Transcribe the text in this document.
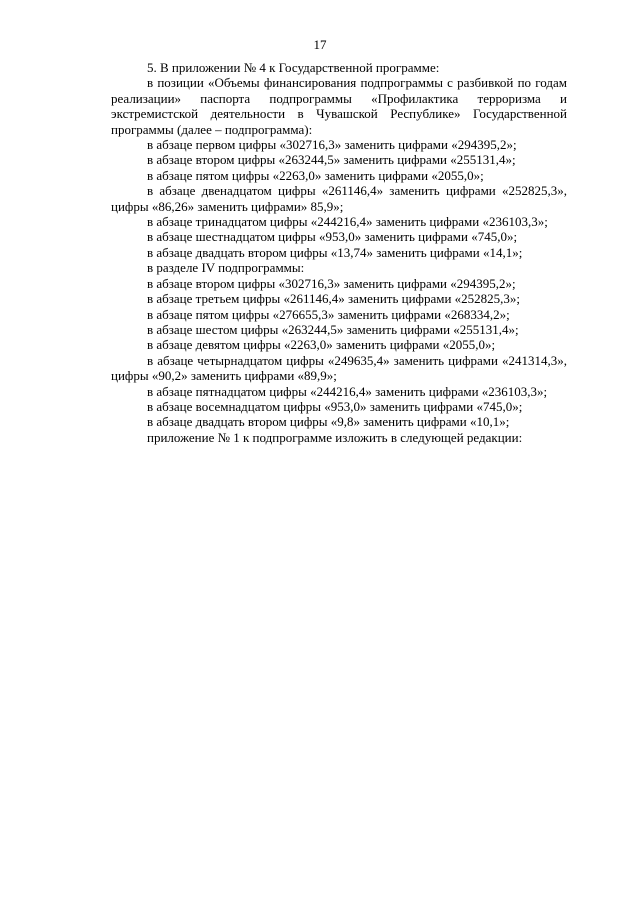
17

5. В приложении № 4 к Государственной программе:

в позиции «Объемы финансирования подпрограммы с разбивкой по годам реализации» паспорта подпрограммы «Профилактика терроризма и экстремистской деятельности в Чувашской Республике» Государственной программы (далее – подпрограмма):

в абзаце первом цифры «302716,3» заменить цифрами «294395,2»;

в абзаце втором цифры «263244,5» заменить цифрами «255131,4»;

в абзаце пятом цифры «2263,0» заменить цифрами «2055,0»;

в абзаце двенадцатом цифры «261146,4» заменить цифрами «252825,3», цифры «86,26» заменить цифрами» 85,9»;

в абзаце тринадцатом цифры «244216,4» заменить цифрами «236103,3»;

в абзаце шестнадцатом цифры «953,0» заменить цифрами «745,0»;

в абзаце двадцать втором цифры «13,74» заменить цифрами «14,1»;

в разделе IV подпрограммы:

в абзаце втором цифры «302716,3» заменить цифрами «294395,2»;

в абзаце третьем цифры «261146,4» заменить цифрами «252825,3»;

в абзаце пятом цифры «276655,3» заменить цифрами «268334,2»;

в абзаце шестом цифры «263244,5» заменить цифрами «255131,4»;

в абзаце девятом цифры «2263,0» заменить цифрами «2055,0»;

в абзаце четырнадцатом цифры «249635,4» заменить цифрами «241314,3», цифры «90,2» заменить цифрами «89,9»;

в абзаце пятнадцатом цифры «244216,4» заменить цифрами «236103,3»;

в абзаце восемнадцатом цифры «953,0» заменить цифрами «745,0»;

в абзаце двадцать втором цифры «9,8» заменить цифрами «10,1»;

приложение № 1 к подпрограмме изложить в следующей редакции:
